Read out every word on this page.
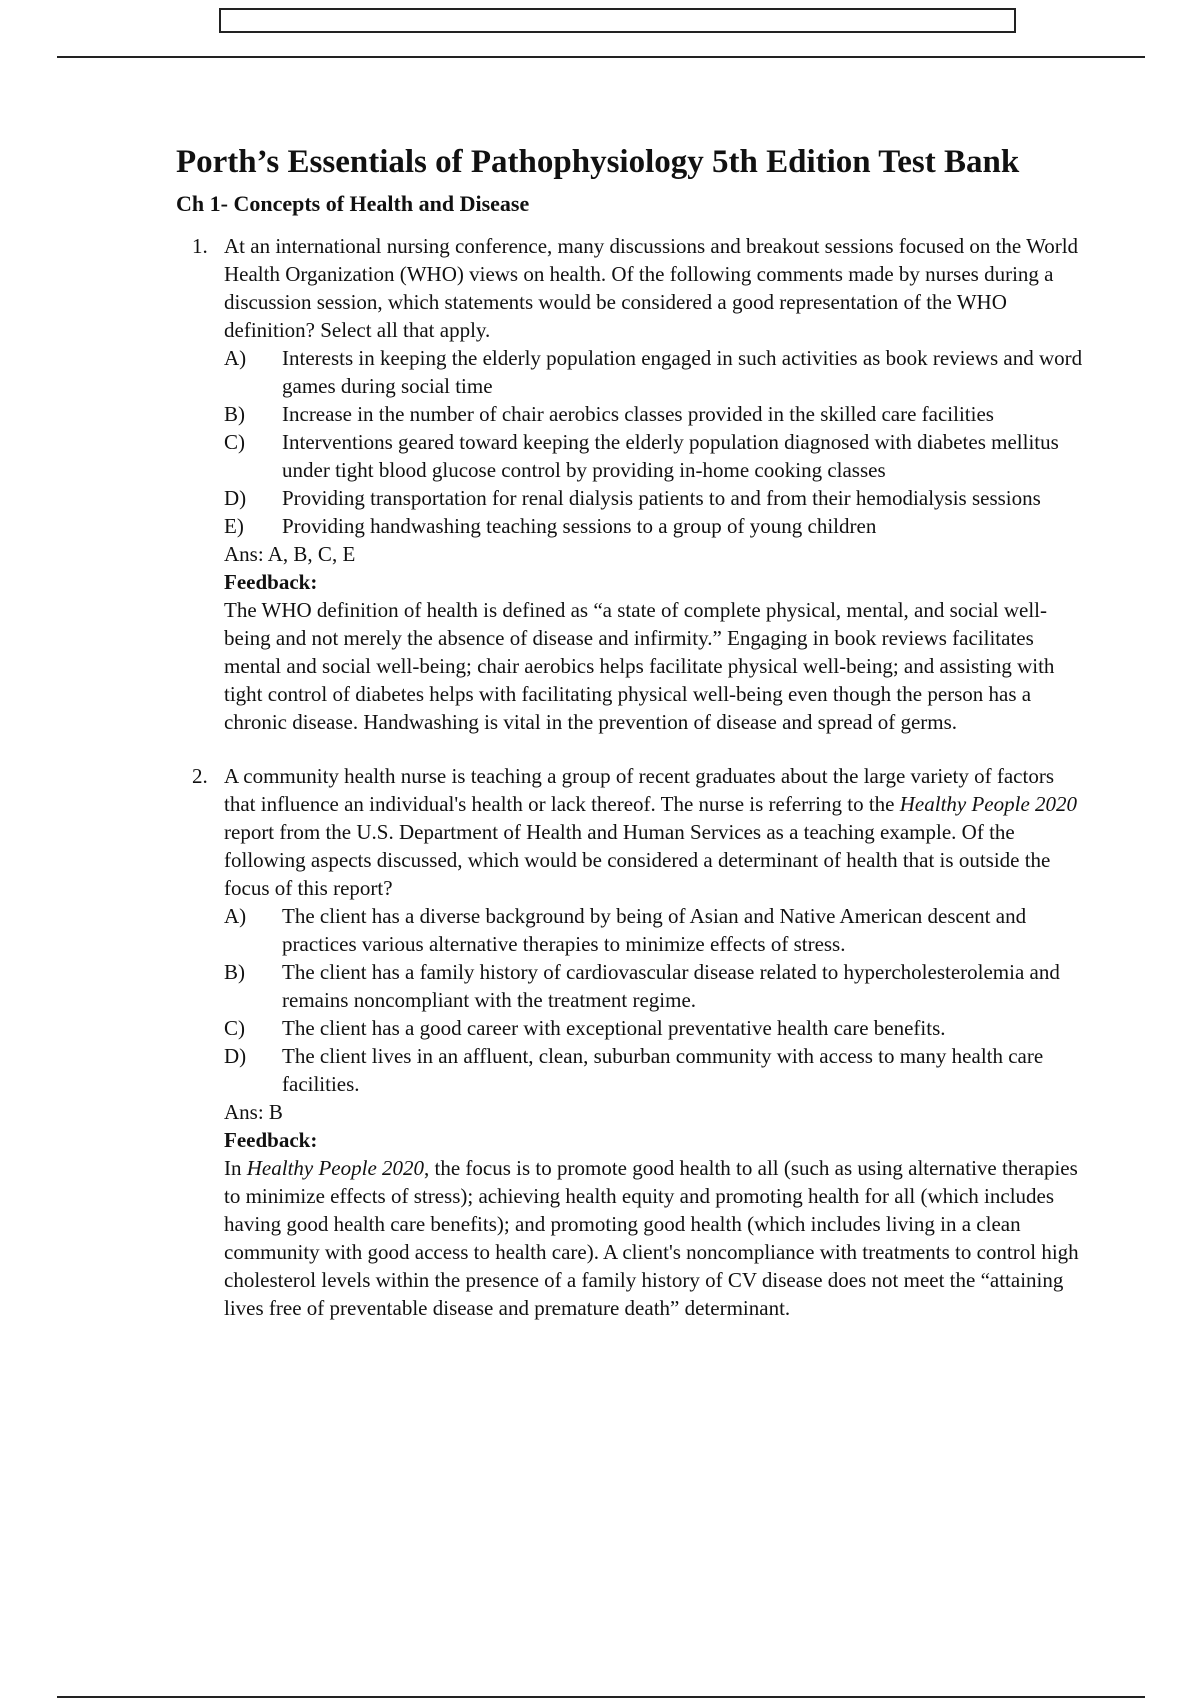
Porth’s Essentials of Pathophysiology 5th Edition Test Bank
Ch 1- Concepts of Health and Disease
1. At an international nursing conference, many discussions and breakout sessions focused on the World Health Organization (WHO) views on health. Of the following comments made by nurses during a discussion session, which statements would be considered a good representation of the WHO definition? Select all that apply.

A) Interests in keeping the elderly population engaged in such activities as book reviews and word games during social time
B) Increase in the number of chair aerobics classes provided in the skilled care facilities
C) Interventions geared toward keeping the elderly population diagnosed with diabetes mellitus under tight blood glucose control by providing in-home cooking classes
D) Providing transportation for renal dialysis patients to and from their hemodialysis sessions
E) Providing handwashing teaching sessions to a group of young children

Ans: A, B, C, E

Feedback:

The WHO definition of health is defined as “a state of complete physical, mental, and social well-being and not merely the absence of disease and infirmity.” Engaging in book reviews facilitates mental and social well-being; chair aerobics helps facilitate physical well-being; and assisting with tight control of diabetes helps with facilitating physical well-being even though the person has a chronic disease. Handwashing is vital in the prevention of disease and spread of germs.

2. A community health nurse is teaching a group of recent graduates about the large variety of factors that influence an individual's health or lack thereof. The nurse is referring to the Healthy People 2020 report from the U.S. Department of Health and Human Services as a teaching example. Of the following aspects discussed, which would be considered a determinant of health that is outside the focus of this report?

A) The client has a diverse background by being of Asian and Native American descent and practices various alternative therapies to minimize effects of stress.
B) The client has a family history of cardiovascular disease related to hypercholesterolemia and remains noncompliant with the treatment regime.
C) The client has a good career with exceptional preventative health care benefits.
D) The client lives in an affluent, clean, suburban community with access to many health care facilities.

Ans: B

Feedback:

In Healthy People 2020, the focus is to promote good health to all (such as using alternative therapies to minimize effects of stress); achieving health equity and promoting health for all (which includes having good health care benefits); and promoting good health (which includes living in a clean community with good access to health care). A client's noncompliance with treatments to control high cholesterol levels within the presence of a family history of CV disease does not meet the “attaining lives free of preventable disease and premature death” determinant.
